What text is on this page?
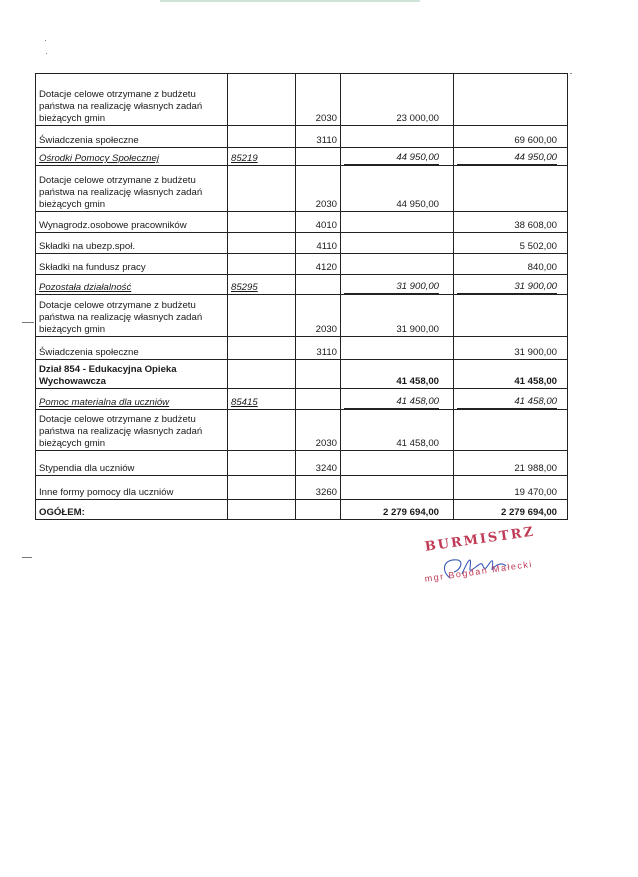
Dotacje celowe otrzymane z budżetu państwa na realizację własnych zadań bieżących gmin		2030	23 000,00	
Świadczenia społeczne		3110		69 600,00
Ośrodki Pomocy Społecznej	85219		44 950,00	44 950,00
Dotacje celowe otrzymane z budżetu państwa na realizację własnych zadań bieżących gmin		2030	44 950,00	
Wynagrodz.osobowe pracowników		4010		38 608,00
Składki na ubezp.społ.		4110		5 502,00
Składki na fundusz pracy		4120		840,00
Pozostała działalność	85295		31 900,00	31 900,00
Dotacje celowe otrzymane z budżetu państwa na realizację własnych zadań bieżących gmin		2030	31 900,00	
Świadczenia społeczne		3110		31 900,00
Dział 854 - Edukacyjna Opieka Wychowawcza			41 458,00	41 458,00
Pomoc materialna dla uczniów	85415		41 458,00	41 458,00
Dotacje celowe otrzymane z budżetu państwa na realizację własnych zadań bieżących gmin		2030	41 458,00	
Stypendia dla uczniów		3240		21 988,00
Inne formy pomocy dla uczniów		3260		19 470,00
OGÓŁEM:			2 279 694,00	2 279 694,00
BURMISTRZ
mgr Bogdan Małecki
